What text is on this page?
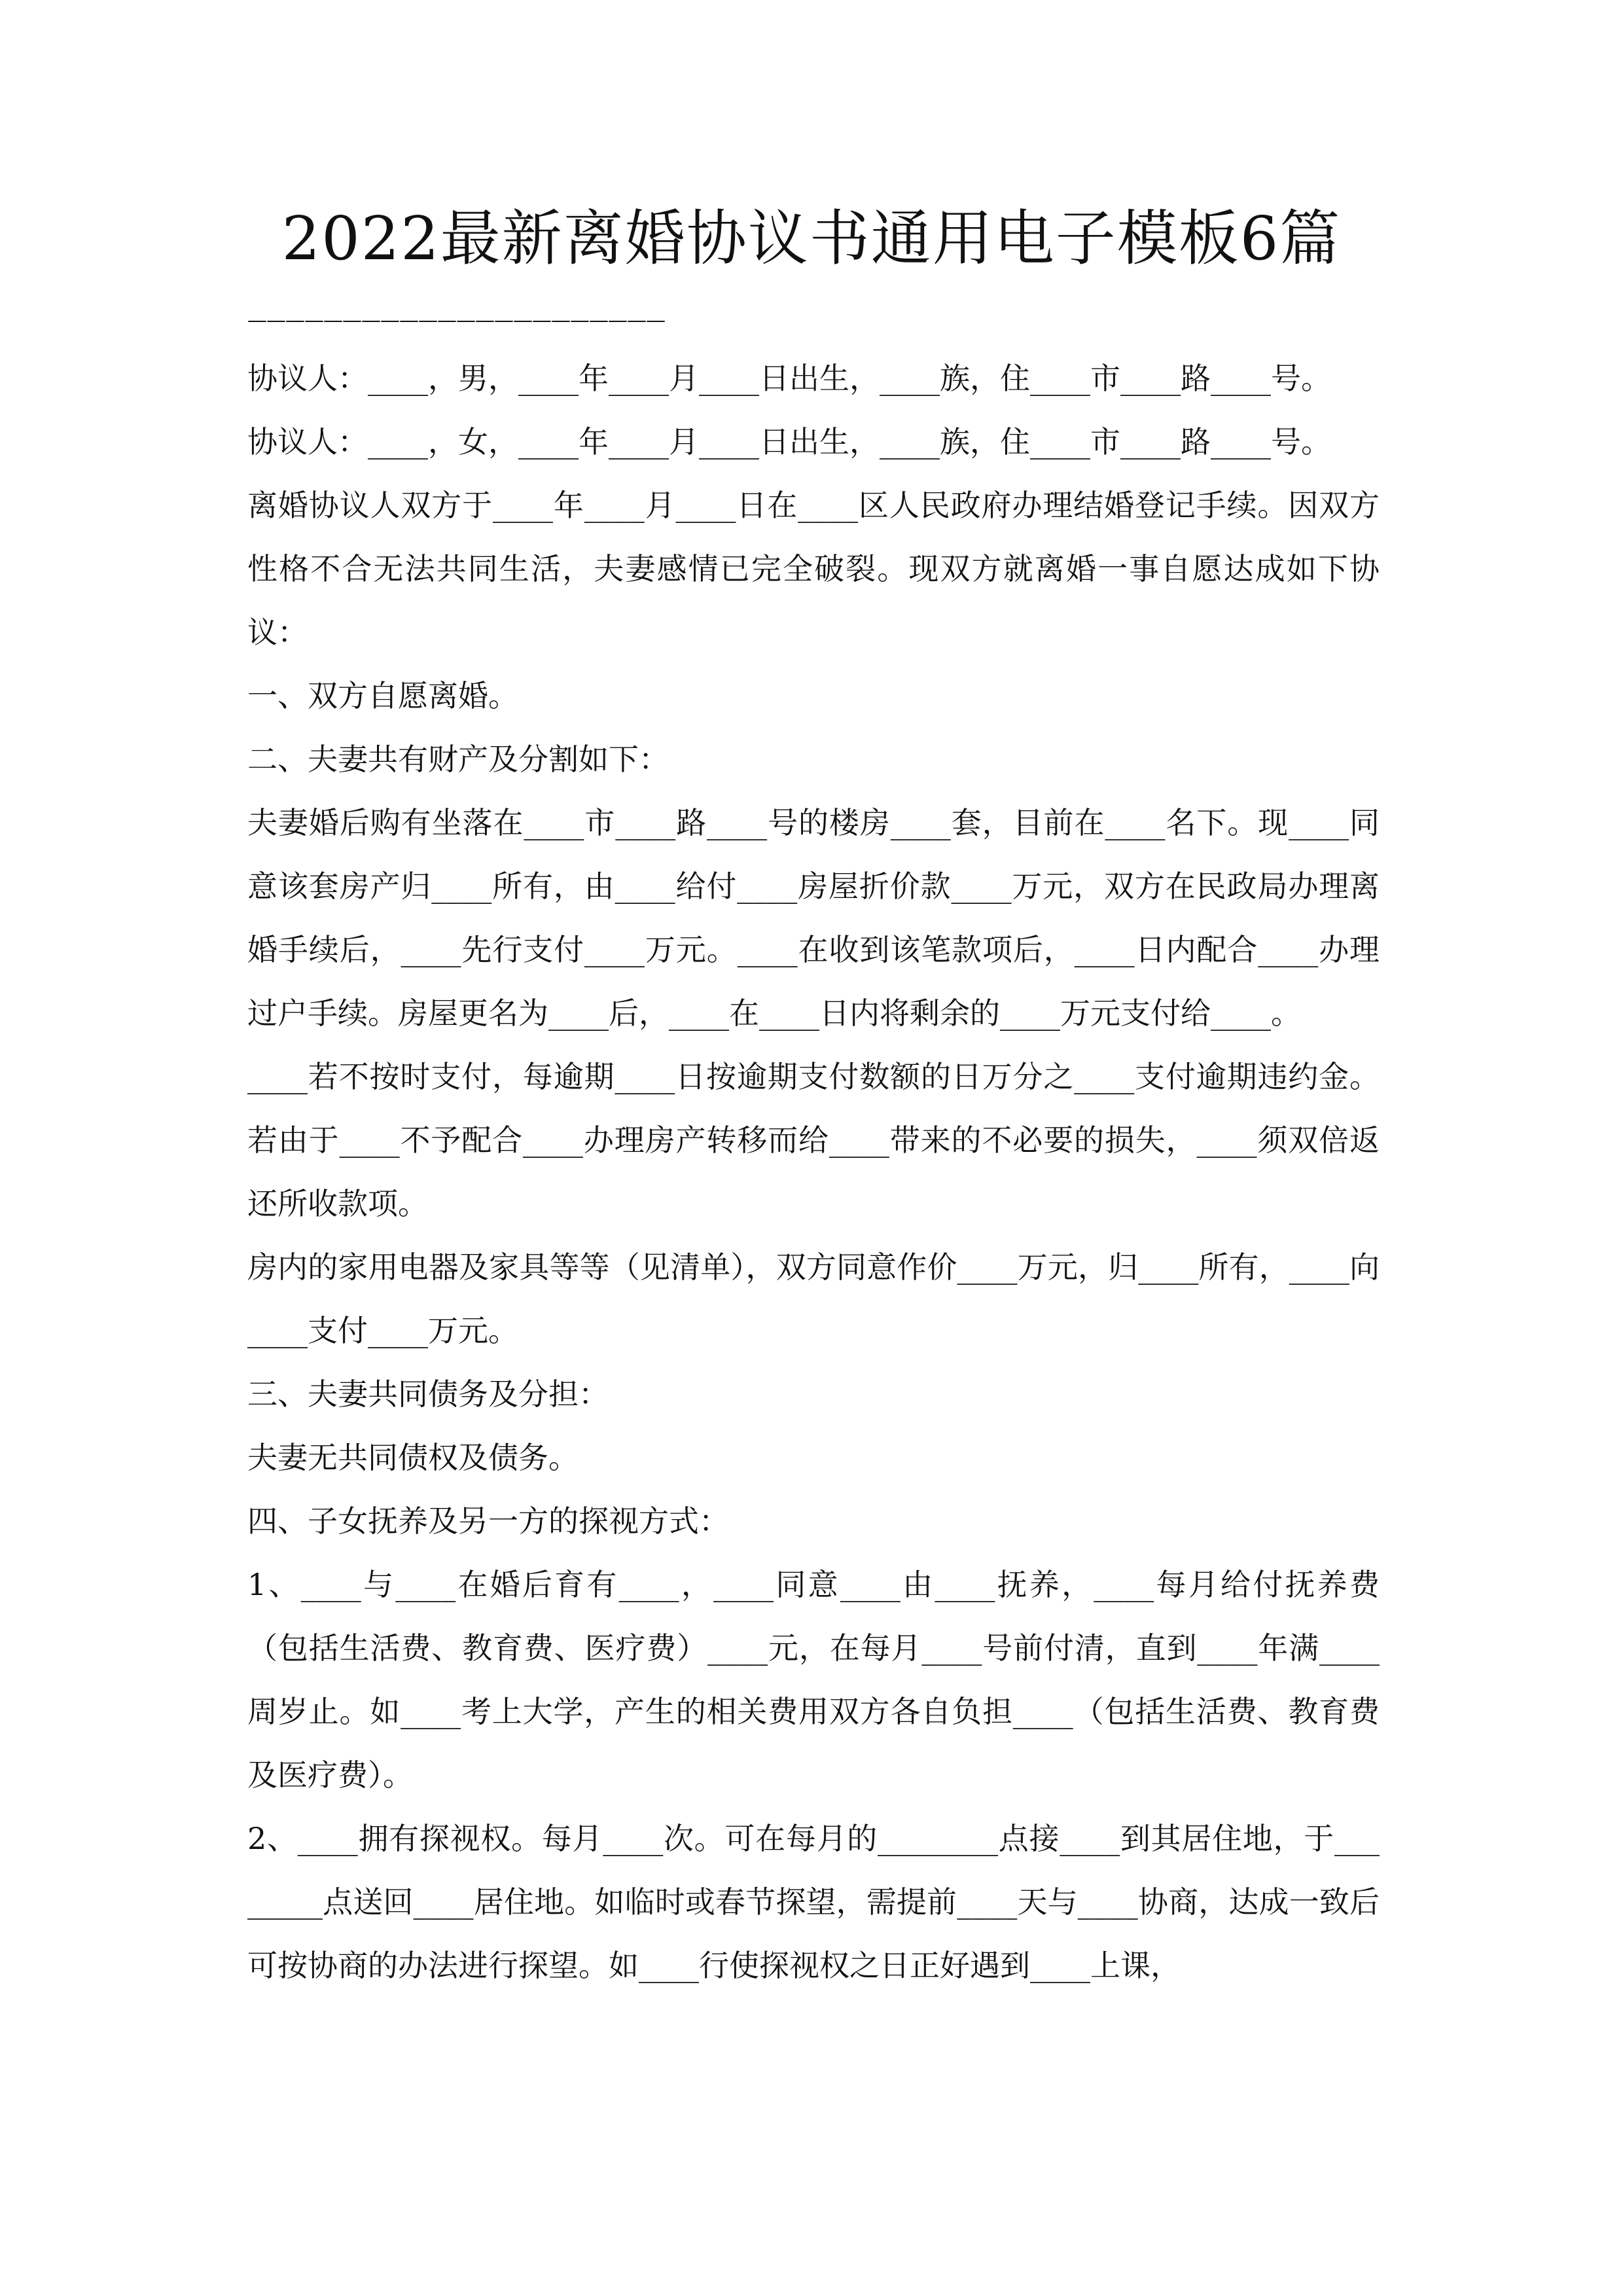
2022最新离婚协议书通用电子模板6篇
——————————————————————

协议人：____，男，____年____月____日出生，____族，住____市____路____号。

协议人：____，女，____年____月____日出生，____族，住____市____路____号。

离婚协议人双方于____年____月____日在____区人民政府办理结婚登记手续。因双方性格不合无法共同生活，夫妻感情已完全破裂。现双方就离婚一事自愿达成如下协议：

一、双方自愿离婚。

二、夫妻共有财产及分割如下：

夫妻婚后购有坐落在____市____路____号的楼房____套，目前在____名下。现____同意该套房产归____所有，由____给付____房屋折价款____万元，双方在民政局办理离婚手续后，____先行支付____万元。____在收到该笔款项后，____日内配合____办理过户手续。房屋更名为____后，____在____日内将剩余的____万元支付给____。

____若不按时支付，每逾期____日按逾期支付数额的日万分之____支付逾期违约金。若由于____不予配合____办理房产转移而给____带来的不必要的损失，____须双倍返还所收款项。

房内的家用电器及家具等等（见清单），双方同意作价____万元，归____所有，____向____支付____万元。

三、夫妻共同债务及分担：

夫妻无共同债权及债务。

四、子女抚养及另一方的探视方式：

1、____与____在婚后育有____，____同意____由____抚养，____每月给付抚养费（包括生活费、教育费、医疗费）____元，在每月____号前付清，直到____年满____周岁止。如____考上大学，产生的相关费用双方各自负担____（包括生活费、教育费及医疗费）。

2、____拥有探视权。每月____次。可在每月的________点接____到其居住地，于________点送回____居住地。如临时或春节探望，需提前____天与____协商，达成一致后可按协商的办法进行探望。如____行使探视权之日正好遇到____上课，
